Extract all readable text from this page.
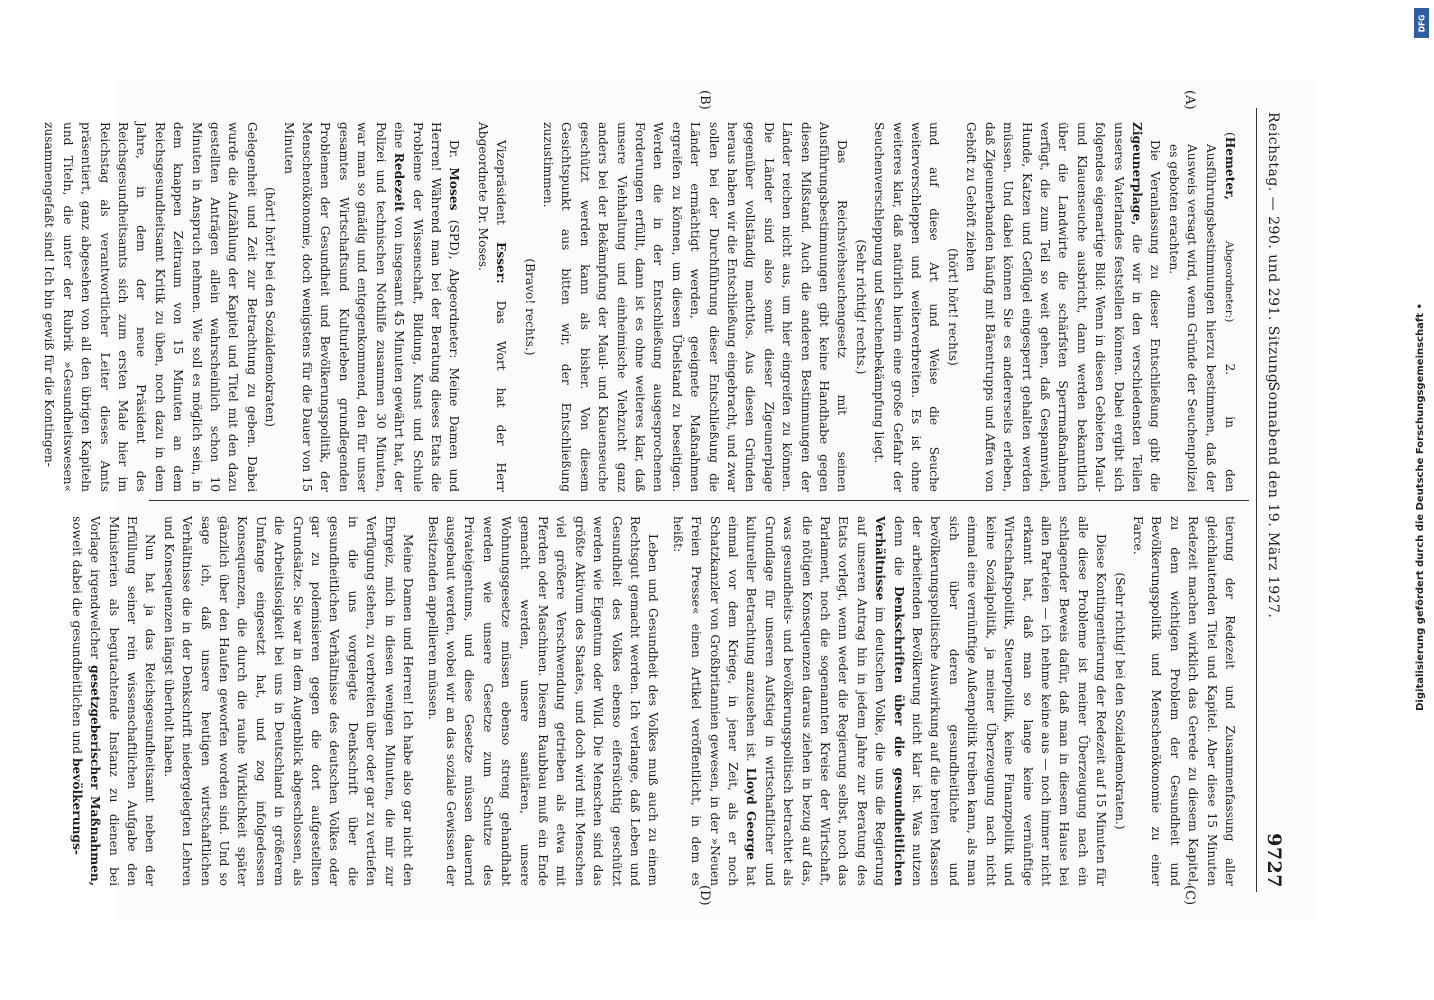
Reichstag. — 290. und 291. Sitzung.
Sonnabend den 19. März 1927.
9727
(A)
(B)
(C)
(D)

(Hemeter, Abgeordneter:) 2. in den Ausführungsbestimmungen hierzu bestimmen, daß der Ausweis versagt wird, wenn Gründe der Seuchenpolizei es geboten erachten.

Die Veranlassung zu dieser Entschließung gibt die Zigeunerplage, die wir in den verschiedensten Teilen unseres Vaterlandes feststellen können. Dabei ergibt sich folgendes eigenartige Bild: Wenn in diesen Gebieten Maul- und Klauenseuche ausbricht, dann werden bekanntlich über die Landwirte die schärfsten Sperrmaßnahmen verfügt, die zum Teil so weit gehen, daß Gespannvieh, Hunde, Katzen und Geflügel eingesperrt gehalten werden müssen. Und dabei können Sie es andererseits erleben, daß Zigeunerbanden häufig mit Bärentrupps und Affen von Gehöft zu Gehöft ziehen

(hört! hört! rechts)

und auf diese Art und Weise die Seuche weiterverschleppen und weiterverbreiten. Es ist ohne weiteres klar, daß natürlich hierin eine große Gefahr der Seuchenverschleppung und Seuchenbekämpfung liegt.

(Sehr richtig! rechts.)

Das Reichsviehseuchengesetz mit seinen Ausführungsbestimmungen gibt keine Handhabe gegen diesen Mißstand. Auch die anderen Bestimmungen der Länder reichen nicht aus, um hier eingreifen zu können. Die Länder sind also somit dieser Zigeunerplage gegenüber vollständig machtlos. Aus diesen Gründen heraus haben wir die Entschließung eingebracht, und zwar sollen bei der Durchführung dieser Entschließung die Länder ermächtigt werden, geeignete Maßnahmen ergreifen zu können, um diesen Übelstand zu beseitigen. Werden die in der Entschließung ausgesprochenen Forderungen erfüllt, dann ist es ohne weiteres klar, daß unsere Viehhaltung und einheimische Viehzucht ganz anders bei der Bekämpfung der Maul- und Klauenseuche geschützt werden kann als bisher. Von diesem Gesichtspunkt aus bitten wir, der Entschließung zuzustimmen.

(Bravo! rechts.)

Vizepräsident Esser: Das Wort hat der Herr Abgeordnete Dr. Moses.

Dr. Moses (SPD), Abgeordneter: Meine Damen und Herren! Während man bei der Beratung dieses Etats die Probleme der Wissenschaft, Bildung, Kunst und Schule eine Redezeit von insgesamt 45 Minuten gewährt hat, der Polizei und technischen Nothilfe zusammen 30 Minuten, war man so gnädig und entgegenkommend, den für unser gesamtes Wirtschaftsund Kulturleben grundlegenden Problemen der Gesundheit und Bevölkerungspolitik, der Menschenökonomie, doch wenigstens für die Dauer von 15 Minuten

(hört! hört! bei den Sozialdemokraten)

Gelegenheit und Zeit zur Betrachtung zu geben. Dabei wurde die Aufzählung der Kapitel und Titel mit den dazu gestellten Anträgen allein wahrscheinlich schon 10 Minuten in Anspruch nehmen. Wie soll es möglich sein, in dem knappen Zeitraum von 15 Minuten an dem Reichsgesundheitsamt Kritik zu üben, noch dazu in dem Jahre, in dem der neue Präsident des Reichsgesundheitsamts sich zum ersten Male hier im Reichstag als verantwortlicher Leiter dieses Amts präsentiert, ganz abgesehen von all den übrigen Kapiteln und Titeln, die unter der Rubrik »Gesundheitswesen« zusammengefaßt sind! Ich bin gewiß für die Kontingen-

tierung der Redezeit und Zusammenfassung aller gleichlautenden Titel und Kapitel. Aber diese 15 Minuten Redezeit machen wirklich das Gerede zu diesem Kapitel, zu dem wichtigen Problem der Gesundheit und Bevölkerungspolitik und Menschenökonomie zu einer Farce.

(Sehr richtig! bei den Sozialdemokraten.)

Diese Kontingentierung der Redezeit auf 15 Minuten für alle diese Probleme ist meiner Überzeugung nach ein schlagender Beweis dafür, daß man in diesem Hause bei allen Parteien — ich nehme keine aus — noch immer nicht erkannt hat, daß man so lange keine vernünftige Wirtschaftspolitik, Steuerpolitik, keine Finanzpolitik und keine Sozialpolitik, ja meiner Überzeugung nach nicht einmal eine vernünftige Außenpolitik treiben kann, als man sich über deren gesundheitliche und bevölkerungspolitische Auswirkung auf die breiten Massen der arbeitenden Bevölkerung nicht klar ist. Was nutzen denn die Denkschriften über die gesundheitlichen Verhältnisse im deutschen Volke, die uns die Regierung auf unseren Antrag hin in jedem Jahre zur Beratung des Etats vorlegt, wenn weder die Regierung selbst, noch das Parlament, noch die sogenannten Kreise der Wirtschaft, die nötigen Konsequenzen daraus ziehen in bezug auf das, was gesundheits- und bevölkerungspolitisch betrachtet als Grundlage für unseren Aufstieg in wirtschaftlicher und kultureller Betrachtung anzusehen ist. Lloyd George hat einmal vor dem Kriege, in jener Zeit, als er noch Schatzkanzler von Großbritannien gewesen, in der »Neuen Freien Presse« einen Artikel veröffentlicht, in dem es heißt:

Leben und Gesundheit des Volkes muß auch zu einem Rechtsgut gemacht werden. Ich verlange, daß Leben und Gesundheit des Volkes ebenso eifersüchtig geschützt werden wie Eigentum oder Wild. Die Menschen sind das größte Aktivum des Staates, und doch wird mit Menschen viel größere Verschwendung getrieben als etwa mit Pferden oder Maschinen. Diesem Raubbau muß ein Ende gemacht werden, unsere sanitären, unsere Wohnungsgesetze müssen ebenso streng gehandhabt werden wie unsere Gesetze zum Schutze des Privateigentums, und diese Gesetze müssen dauernd ausgebaut werden, wobei wir an das soziale Gewissen der Besitzenden appellieren müssen.

Meine Damen und Herren! Ich habe also gar nicht den Ehrgeiz, mich in diesen wenigen Minuten, die mir zur Verfügung stehen, zu verbreiten über oder gar zu vertiefen in die uns vorgelegte Denkschrift über die gesundheitlichen Verhältnisse des deutschen Volkes oder gar zu polemisieren gegen die dort aufgestellten Grundsätze. Sie war in dem Augenblick abgeschlossen, als die Arbeitslosigkeit bei uns in Deutschland in größerem Umfange eingesetzt hat, und zog infolgedessen Konsequenzen, die durch die rauhe Wirklichkeit später gänzlich über den Haufen geworfen worden sind. Und so sage ich, daß unsere heutigen wirtschaftlichen Verhältnisse die in der Denkschrift niedergelegten Lehren und Konsequenzen längst überholt haben.

Nun hat ja das Reichsgesundheitsamt neben der Erfüllung seiner rein wissenschaftlichen Aufgabe den Ministerien als begutachtende Instanz zu dienen bei Vorlage irgendwelcher gesetzgeberischer Maßnahmen, soweit dabei die gesundheitlichen und bevölkerungs-

Digitalisierung gefördert durch die Deutsche Forschungsgemeinschaft •
DFG
